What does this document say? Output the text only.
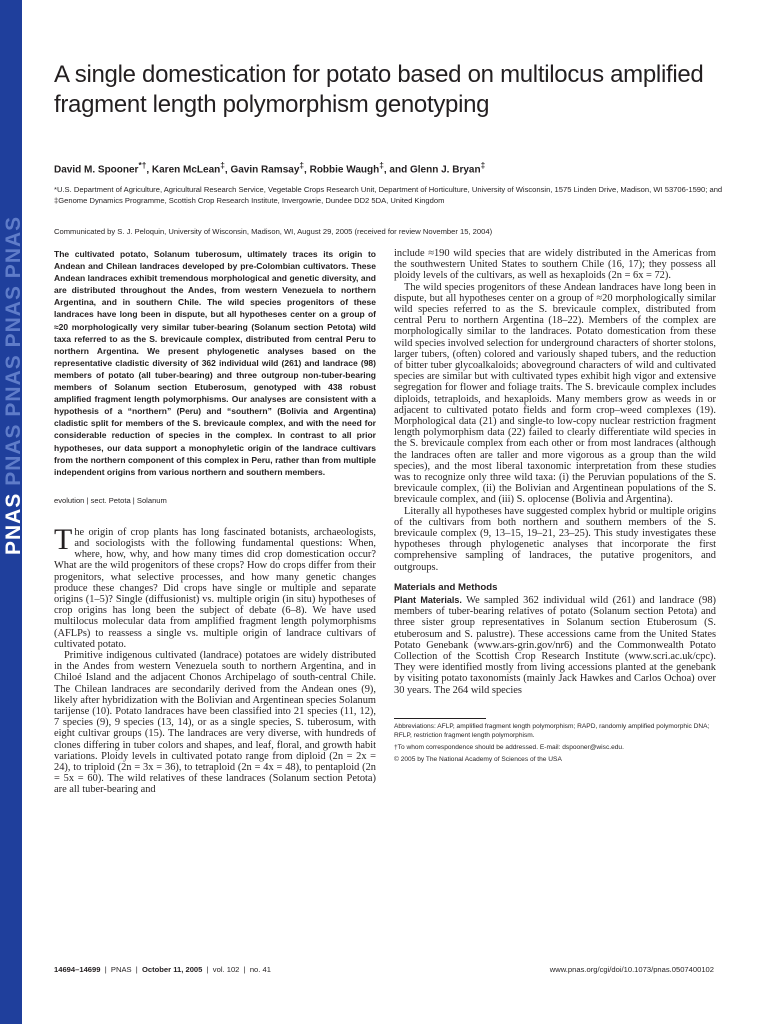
PNAS PNAS PNAS PNAS PNAS
A single domestication for potato based on multilocus amplified fragment length polymorphism genotyping

David M. Spooner*†, Karen McLean‡, Gavin Ramsay‡, Robbie Waugh‡, and Glenn J. Bryan‡

*U.S. Department of Agriculture, Agricultural Research Service, Vegetable Crops Research Unit, Department of Horticulture, University of Wisconsin, 1575 Linden Drive, Madison, WI 53706-1590; and ‡Genome Dynamics Programme, Scottish Crop Research Institute, Invergowrie, Dundee DD2 5DA, United Kingdom

Communicated by S. J. Peloquin, University of Wisconsin, Madison, WI, August 29, 2005 (received for review November 15, 2004)

The cultivated potato, Solanum tuberosum, ultimately traces its origin to Andean and Chilean landraces developed by pre-Colombian cultivators. These Andean landraces exhibit tremendous morphological and genetic diversity, and are distributed throughout the Andes, from western Venezuela to northern Argentina, and in southern Chile. The wild species progenitors of these landraces have long been in dispute, but all hypotheses center on a group of ≈20 morphologically very similar tuber-bearing (Solanum section Petota) wild taxa referred to as the S. brevicaule complex, distributed from central Peru to northern Argentina. We present phylogenetic analyses based on the representative cladistic diversity of 362 individual wild (261) and landrace (98) members of potato (all tuber-bearing) and three outgroup non-tuber-bearing members of Solanum section Etuberosum, genotyped with 438 robust amplified fragment length polymorphisms. Our analyses are consistent with a hypothesis of a “northern” (Peru) and “southern” (Bolivia and Argentina) cladistic split for members of the S. brevicaule complex, and with the need for considerable reduction of species in the complex. In contrast to all prior hypotheses, our data support a monophyletic origin of the landrace cultivars from the northern component of this complex in Peru, rather than from multiple independent origins from various northern and southern members.

evolution | sect. Petota | Solanum

The origin of crop plants has long fascinated botanists, archaeologists, and sociologists with the following fundamental questions: When, where, how, why, and how many times did crop domestication occur? What are the wild progenitors of these crops? How do crops differ from their progenitors, what selective processes, and how many genetic changes produce these changes? Did crops have single or multiple and separate origins (1–5)? Single (diffusionist) vs. multiple origin (in situ) hypotheses of crop origins has long been the subject of debate (6–8). We have used multilocus molecular data from amplified fragment length polymorphisms (AFLPs) to reassess a single vs. multiple origin of landrace cultivars of cultivated potato.

Primitive indigenous cultivated (landrace) potatoes are widely distributed in the Andes from western Venezuela south to northern Argentina, and in Chiloé Island and the adjacent Chonos Archipelago of south-central Chile. The Chilean landraces are secondarily derived from the Andean ones (9), likely after hybridization with the Bolivian and Argentinean species Solanum tarijense (10). Potato landraces have been classified into 21 species (11, 12), 7 species (9), 9 species (13, 14), or as a single species, S. tuberosum, with eight cultivar groups (15). The landraces are very diverse, with hundreds of clones differing in tuber colors and shapes, and leaf, floral, and growth habit variations. Ploidy levels in cultivated potato range from diploid (2n = 2x = 24), to triploid (2n = 3x = 36), to tetraploid (2n = 4x = 48), to pentaploid (2n = 5x = 60). The wild relatives of these landraces (Solanum section Petota) are all tuber-bearing and

include ≈190 wild species that are widely distributed in the Americas from the southwestern United States to southern Chile (16, 17); they possess all ploidy levels of the cultivars, as well as hexaploids (2n = 6x = 72).

The wild species progenitors of these Andean landraces have long been in dispute, but all hypotheses center on a group of ≈20 morphologically similar wild species referred to as the S. brevicaule complex, distributed from central Peru to northern Argentina (18–22). Members of the complex are morphologically similar to the landraces. Potato domestication from these wild species involved selection for underground characters of shorter stolons, larger tubers, (often) colored and variously shaped tubers, and the reduction of bitter tuber glycoalkaloids; aboveground characters of wild and cultivated species are similar but with cultivated types exhibit high vigor and extensive segregation for flower and foliage traits. The S. brevicaule complex includes diploids, tetraploids, and hexaploids. Many members grow as weeds in or adjacent to cultivated potato fields and form crop–weed complexes (19). Morphological data (21) and single-to low-copy nuclear restriction fragment length polymorphism data (22) failed to clearly differentiate wild species in the S. brevicaule complex from each other or from most landraces (although the landraces often are taller and more vigorous as a group than the wild species), and the most liberal taxonomic interpretation from these studies was to recognize only three wild taxa: (i) the Peruvian populations of the S. brevicaule complex, (ii) the Bolivian and Argentinean populations of the S. brevicaule complex, and (iii) S. oplocense (Bolivia and Argentina).

Literally all hypotheses have suggested complex hybrid or multiple origins of the cultivars from both northern and southern members of the S. brevicaule complex (9, 13–15, 19–21, 23–25). This study investigates these hypotheses through phylogenetic analyses that incorporate the first comprehensive sampling of landraces, the putative progenitors, and outgroups.

Materials and Methods

Plant Materials. We sampled 362 individual wild (261) and landrace (98) members of tuber-bearing relatives of potato (Solanum section Petota) and three sister group representatives in Solanum section Etuberosum (S. etuberosum and S. palustre). These accessions came from the United States Potato Genebank (www.ars-grin.gov/nr6) and the Commonwealth Potato Collection of the Scottish Crop Research Institute (www.scri.ac.uk/cpc). They were identified mostly from living accessions planted at the genebank by visiting potato taxonomists (mainly Jack Hawkes and Carlos Ochoa) over 30 years. The 264 wild species

Abbreviations: AFLP, amplified fragment length polymorphism; RAPD, randomly amplified polymorphic DNA; RFLP, restriction fragment length polymorphism.

†To whom correspondence should be addressed. E-mail: dspooner@wisc.edu.

© 2005 by The National Academy of Sciences of the USA

14694–14699  |  PNAS  |  October 11, 2005  |  vol. 102  |  no. 41	www.pnas.org/cgi/doi/10.1073/pnas.0507400102
